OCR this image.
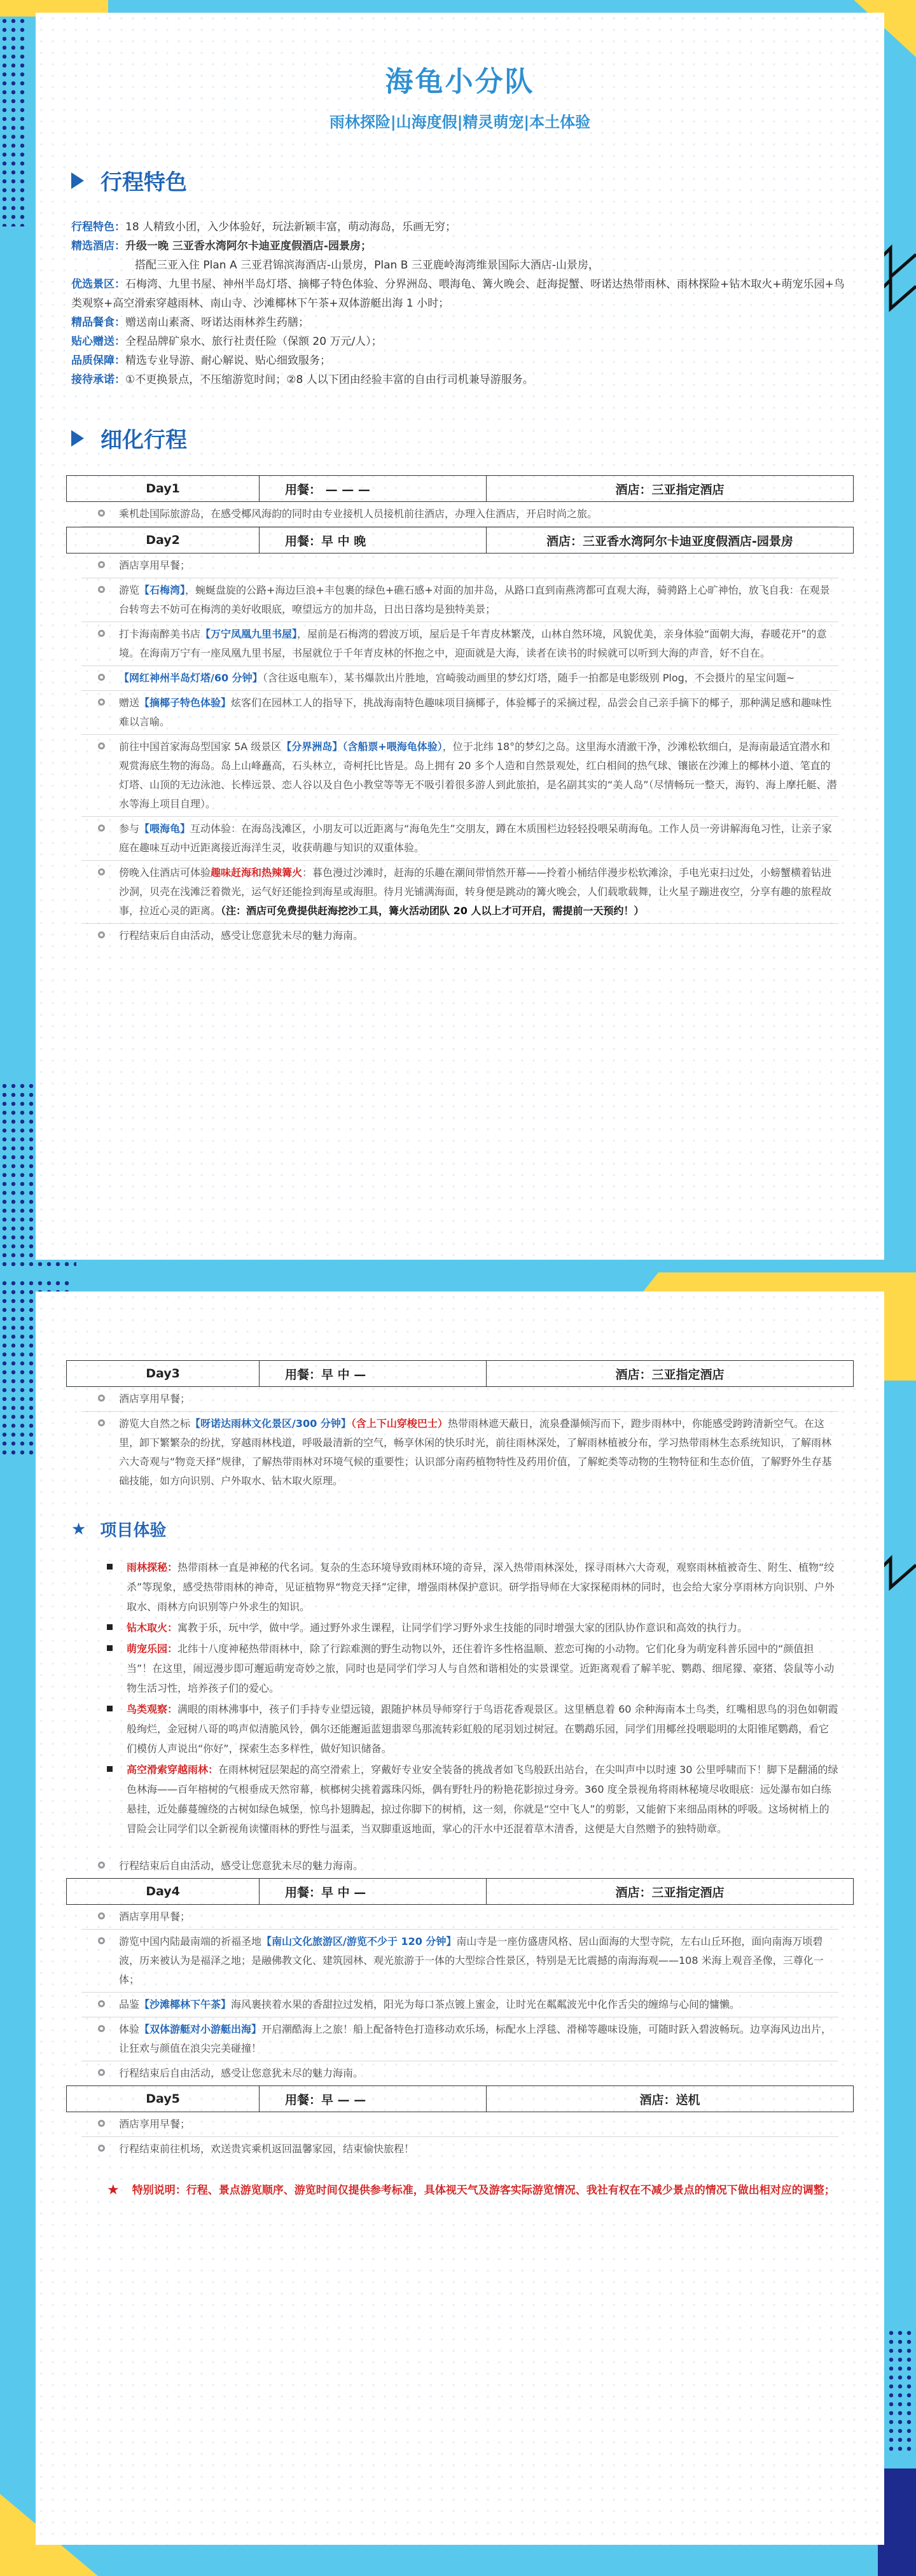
海龟小分队
雨林探险|山海度假|精灵萌宠|本土体验
行程特色
行程特色： 18 人精致小团，入少体验好，玩法新颖丰富，萌动海岛，乐画无穷；
精选酒店： 升级一晚 三亚香水湾阿尔卡迪亚度假酒店-园景房；
搭配三亚入住 Plan A 三亚君锦滨海酒店-山景房，Plan B 三亚鹿岭海湾维景国际大酒店-山景房，
优选景区：石梅湾、九里书屋、神州半岛灯塔、摘椰子特色体验、分界洲岛、喂海龟、篝火晚会、赶海捉蟹、呀诺达热带雨林、雨林探险+钻木取火+萌宠乐园+鸟类观察+高空滑索穿越雨林、南山寺、沙滩椰林下午茶+双体游艇出海 1 小时；
精品餐食： 赠送南山素斋、呀诺达雨林养生药膳；
贴心赠送： 全程品牌矿泉水、旅行社责任险（保额 20 万元/人）；
品质保障： 精选专业导游、耐心解说、贴心细致服务；
接待承诺： ①不更换景点，不压缩游览时间；②8 人以下团由经验丰富的自由行司机兼导游服务。
细化行程
Day1	用餐： — — —	酒店：三亚指定酒店
乘机赴国际旅游岛，在感受椰风海韵的同时由专业接机人员接机前往酒店，办理入住酒店，开启时尚之旅。
Day2	用餐：早 中 晚	酒店：三亚香水湾阿尔卡迪亚度假酒店-园景房
酒店享用早餐；
游览【石梅湾】，蜿蜒盘旋的公路+海边巨浪+丰包裹的绿色+礁石感+对面的加井岛，从路口直到南燕湾都可直观大海，骑骋路上心旷神怡，放飞自我：在观景台转弯去不妨可在梅湾的美好收眼底，嘹望远方的加井岛，日出日落均是独特美景；
打卡海南醉美书店【万宁凤凰九里书屋】，屋前是石梅湾的碧波万顷，屋后是千年青皮林繁茂，山林自然环境，风貌优美，亲身体验“面朝大海，春暖花开”的意境。在海南万宁有一座凤凰九里书屋，书屋就位于千年青皮林的怀抱之中，迎面就是大海，读者在读书的时候就可以听到大海的声音，好不自在。
【网红神州半岛灯塔/60 分钟】（含往返电瓶车），某书爆款出片胜地，宫崎骏动画里的梦幻灯塔，随手一拍都是电影级别 Plog，不会摄片的星宝问题~
赠送【摘椰子特色体验】炫客们在园林工人的指导下，挑战海南特色趣味项目摘椰子，体验椰子的采摘过程，品尝会自己亲手摘下的椰子，那种满足感和趣味性难以言喻。
前往中国首家海岛型国家 5A 级景区【分界洲岛】（含船票+喂海龟体验），位于北纬 18°的梦幻之岛。这里海水清澈干净，沙滩松软细白，是海南最适宜潜水和观赏海底生物的海岛。岛上山峰矗高，石头林立，奇柯托比皆是。岛上拥有 20 多个人造和自然景观处，红白相间的热气球、镶嵌在沙滩上的椰林小道、笔直的灯塔、山顶的无边泳池、长棒远景、恋人谷以及自色小教堂等等无不吸引着很多游人到此旅拍，是名副其实的“美人岛”（尽情畅玩一整天，海钓、海上摩托艇、潜水等海上项目自理）。
参与【喂海龟】互动体验：在海岛浅滩区，小朋友可以近距离与“海龟先生”交朋友，蹲在木质围栏边轻轻投喂呆萌海龟。工作人员一旁讲解海龟习性，让亲子家庭在趣味互动中近距离接近海洋生灵，收获萌趣与知识的双重体验。
傍晚入住酒店可体验趣味赶海和热辣篝火：暮色漫过沙滩时，赶海的乐趣在潮间带悄然开幕——拎着小桶结伴漫步松软滩涂，手电光束扫过处，小螃蟹横着钻进沙洞，贝壳在浅滩泛着微光，运气好还能捡到海星或海胆。待月光铺满海面，转身便是跳动的篝火晚会，人们载歌载舞，让火星子蹦进夜空，分享有趣的旅程故事，拉近心灵的距离。（注：酒店可免费提供赶海挖沙工具，篝火活动团队 20 人以上才可开启，需提前一天预约！）
行程结束后自由活动，感受让您意犹未尽的魅力海南。
Day3	用餐：早 中 —	酒店：三亚指定酒店
酒店享用早餐；
游览大自然之标【呀诺达雨林文化景区/300 分钟】（含上下山穿梭巴士）热带雨林遮天蔽日，流泉叠瀑倾泻而下，蹬步雨林中，你能感受跨跨清新空气。在这里，卸下繁繁杂的纷扰，穿越雨林栈道，呼吸最清新的空气，畅享休闲的快乐时光，前往雨林深处，了解雨林植被分布，学习热带雨林生态系统知识，了解雨林六大奇观与“物竞天择”规律，了解热带雨林对环境气候的重要性；认识部分南药植物特性及药用价值，了解蛇类等动物的生物特征和生态价值，了解野外生存基础技能，如方向识别、户外取水、钻木取火原理。
★ 项目体验
雨林探秘：热带雨林一直是神秘的代名词。复杂的生态环境导致雨林环境的奇异，深入热带雨林深处，探寻雨林六大奇观，观察雨林植被奇生、附生、植物“绞杀”等现象，感受热带雨林的神奇，见证植物界“物竞天择”定律，增强雨林保护意识。研学指导师在大家探秘雨林的同时，也会给大家分享雨林方向识别、户外取水、雨林方向识别等户外求生的知识。
钻木取火：寓教于乐，玩中学，做中学。通过野外求生课程，让同学们学习野外求生技能的同时增强大家的团队协作意识和高效的执行力。
萌宠乐园：北纬十八度神秘热带雨林中，除了行踪难测的野生动物以外，还住着许多性格温顺、惹恋可掬的小动物。它们化身为萌宠科普乐园中的“颜值担当”！在这里，闹逗漫步即可邂逅萌宠奇妙之旅，同时也是同学们学习人与自然和谐相处的实景课堂。近距离观看了解羊驼、鹦鹉、细尾獴、豪猪、袋鼠等小动物生活习性，培养孩子们的爱心。
鸟类观察：满眼的雨林沸事中，孩子们手持专业望远镜，跟随护林员导师穿行于鸟语花香观景区。这里栖息着 60 余种海南本土鸟类，红嘴相思鸟的羽色如朝霞般绚烂，金冠树八哥的鸣声似清脆风铃，偶尔还能邂逅蓝翅翡翠鸟那流转彩虹般的尾羽划过树冠。在鹦鹉乐园，同学们用椰丝投喂聪明的太阳锥尾鹦鹉，看它们模仿人声说出“你好”，探索生态多样性，做好知识储备。
高空滑索穿越雨林：在雨林树冠层架起的高空滑索上，穿戴好专业安全装备的挑战者如飞鸟般跃出站台，在尖叫声中以时速 30 公里呼啸而下！脚下是翻涌的绿色林海——百年榕树的气根垂成天然帘幕，槟榔树尖挑着露珠闪烁，偶有野牡丹的粉艳花影掠过身旁。360 度全景视角将雨林秘境尽收眼底：远处瀑布如白练悬挂，近处藤蔓缠绕的古树如绿色城堡，惊鸟扑翅腾起，掠过你脚下的树梢，这一刻，你就是“空中飞人”的剪影，又能俯下来细品雨林的呼吸。这场树梢上的冒险会让同学们以全新视角读懂雨林的野性与温柔，当双脚重返地面，掌心的汗水中还混着草木清香，这便是大自然赠予的独特勋章。
行程结束后自由活动，感受让您意犹未尽的魅力海南。
Day4	用餐：早 中 —	酒店：三亚指定酒店
酒店享用早餐；
游览中国内陆最南端的祈福圣地【南山文化旅游区/游览不少于 120 分钟】南山寺是一座仿盛唐风格、居山面海的大型寺院，左右山丘环抱，面向南海万顷碧波，历来被认为是福泽之地；是融佛教文化、建筑园林、观光旅游于一体的大型综合性景区，特别是无比震撼的南海海观——108 米海上观音圣像，三尊化一体；
品鉴【沙滩椰林下午茶】海风裹挟着水果的香甜拉过发梢，阳光为每口茶点镀上蜜金，让时光在粼粼波光中化作舌尖的缠绵与心间的慵懒。
体验【双体游艇对小游艇出海】开启潮酷海上之旅！船上配备特色打造移动欢乐场，标配水上浮毯、滑梯等趣味设施，可随时跃入碧波畅玩。边享海风边出片，让狂欢与颜值在浪尖完美碰撞！
行程结束后自由活动，感受让您意犹未尽的魅力海南。
Day5	用餐：早 — —	酒店：送机
酒店享用早餐；
行程结束前往机场，欢送贵宾乘机返回温馨家园，结束愉快旅程！
★ 特别说明：行程、景点游览顺序、游览时间仅提供参考标准，具体视天气及游客实际游览情况、我社有权在不减少景点的情况下做出相对应的调整；
